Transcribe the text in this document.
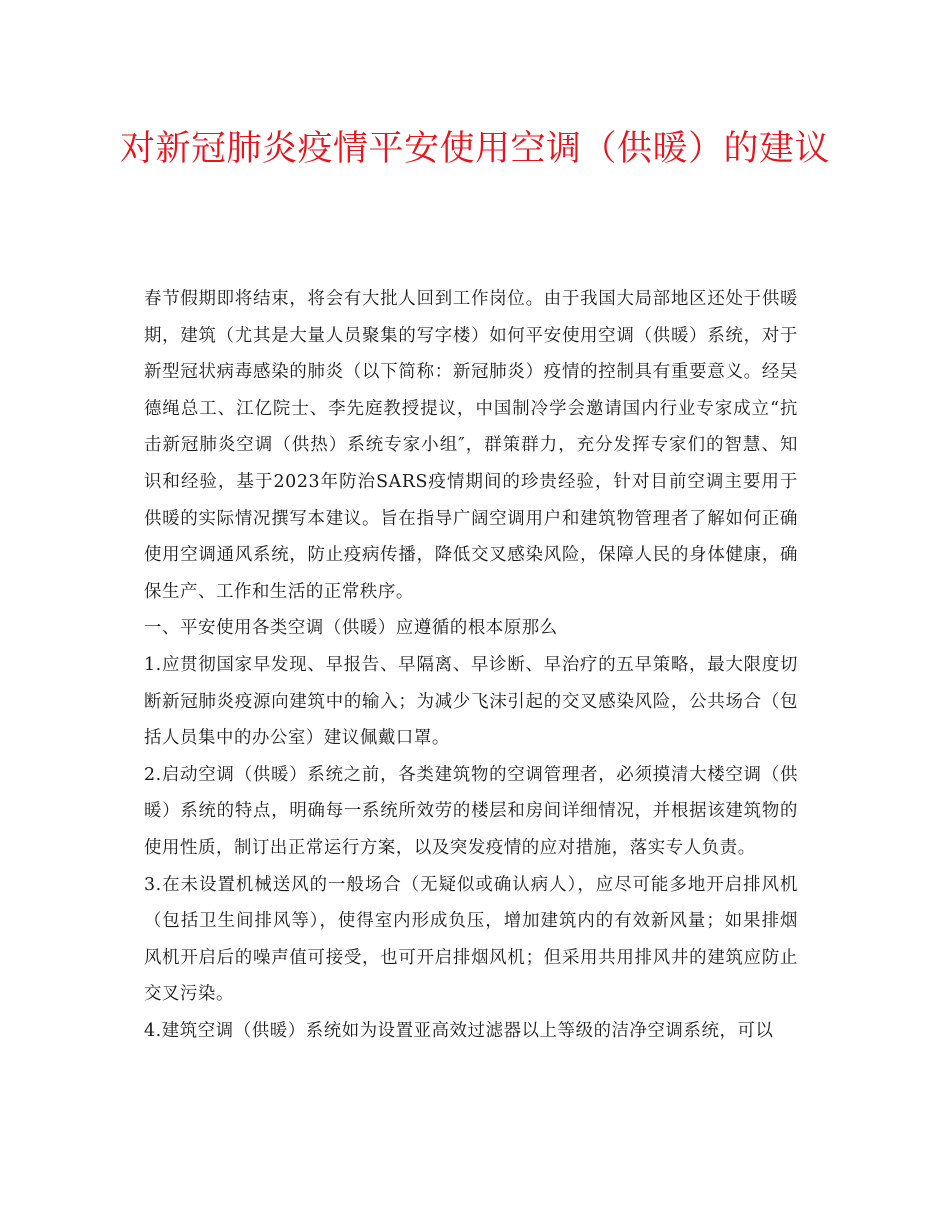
对新冠肺炎疫情平安使用空调（供暖）的建议

春节假期即将结束，将会有大批人回到工作岗位。由于我国大局部地区还处于供暖期，建筑（尤其是大量人员聚集的写字楼）如何平安使用空调（供暖）系统，对于新型冠状病毒感染的肺炎（以下简称：新冠肺炎）疫情的控制具有重要意义。经吴德绳总工、江亿院士、李先庭教授提议，中国制冷学会邀请国内行业专家成立“抗击新冠肺炎空调（供热）系统专家小组″，群策群力，充分发挥专家们的智慧、知识和经验，基于2023年防治SARS疫情期间的珍贵经验，针对目前空调主要用于供暖的实际情况撰写本建议。旨在指导广阔空调用户和建筑物管理者了解如何正确使用空调通风系统，防止疫病传播，降低交叉感染风险，保障人民的身体健康，确保生产、工作和生活的正常秩序。

一、平安使用各类空调（供暖）应遵循的根本原那么

1.应贯彻国家早发现、早报告、早隔离、早诊断、早治疗的五早策略，最大限度切断新冠肺炎疫源向建筑中的输入；为减少飞沫引起的交叉感染风险，公共场合（包括人员集中的办公室）建议佩戴口罩。

2.启动空调（供暖）系统之前，各类建筑物的空调管理者，必须摸清大楼空调（供暖）系统的特点，明确每一系统所效劳的楼层和房间详细情况，并根据该建筑物的使用性质，制订出正常运行方案，以及突发疫情的应对措施，落实专人负责。

3.在未设置机械送风的一般场合（无疑似或确认病人），应尽可能多地开启排风机（包括卫生间排风等），使得室内形成负压，增加建筑内的有效新风量；如果排烟风机开启后的噪声值可接受，也可开启排烟风机；但采用共用排风井的建筑应防止交叉污染。

4.建筑空调（供暖）系统如为设置亚高效过滤器以上等级的洁净空调系统，可以
